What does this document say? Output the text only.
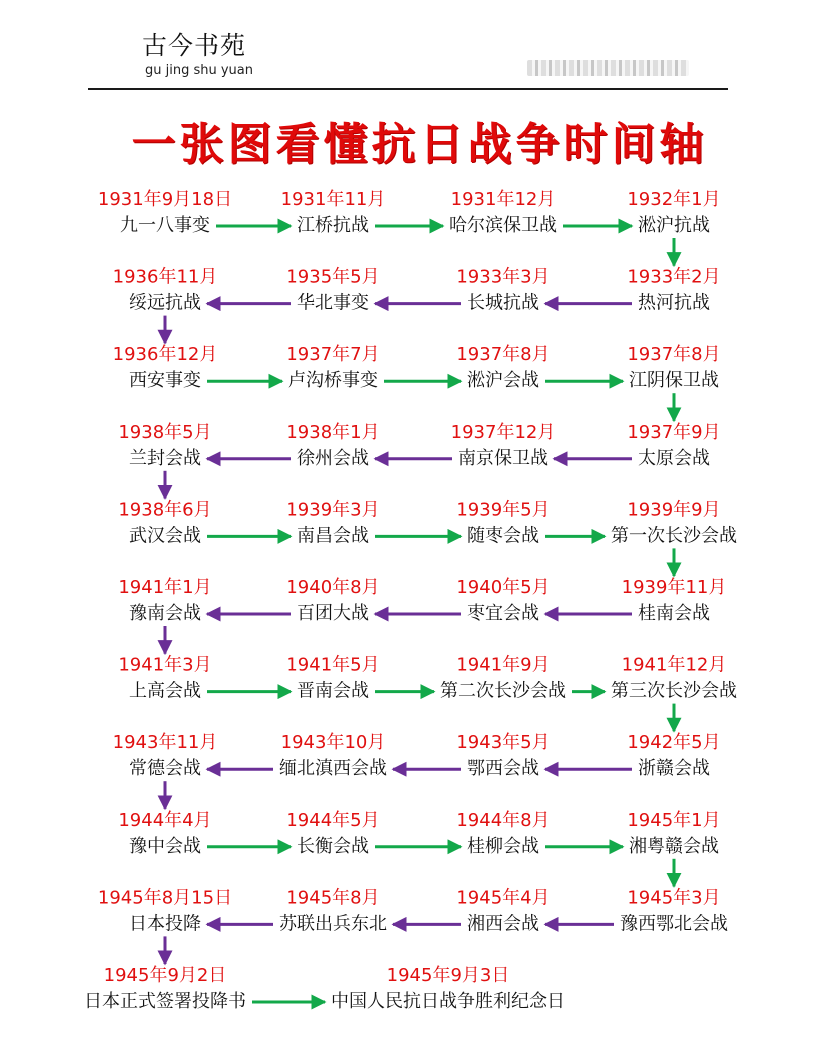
古今书苑
gu jing shu yuan
一张图看懂抗日战争时间轴
1931年9月18日
九一八事变
1931年11月
江桥抗战
1931年12月
哈尔滨保卫战
1932年1月
淞沪抗战
1936年11月
绥远抗战
1935年5月
华北事变
1933年3月
长城抗战
1933年2月
热河抗战
1936年12月
西安事变
1937年7月
卢沟桥事变
1937年8月
淞沪会战
1937年8月
江阴保卫战
1938年5月
兰封会战
1938年1月
徐州会战
1937年12月
南京保卫战
1937年9月
太原会战
1938年6月
武汉会战
1939年3月
南昌会战
1939年5月
随枣会战
1939年9月
第一次长沙会战
1941年1月
豫南会战
1940年8月
百团大战
1940年5月
枣宜会战
1939年11月
桂南会战
1941年3月
上高会战
1941年5月
晋南会战
1941年9月
第二次长沙会战
1941年12月
第三次长沙会战
1943年11月
常德会战
1943年10月
缅北滇西会战
1943年5月
鄂西会战
1942年5月
浙赣会战
1944年4月
豫中会战
1944年5月
长衡会战
1944年8月
桂柳会战
1945年1月
湘粤赣会战
1945年8月15日
日本投降
1945年8月
苏联出兵东北
1945年4月
湘西会战
1945年3月
豫西鄂北会战
1945年9月2日
日本正式签署投降书
1945年9月3日
中国人民抗日战争胜利纪念日
